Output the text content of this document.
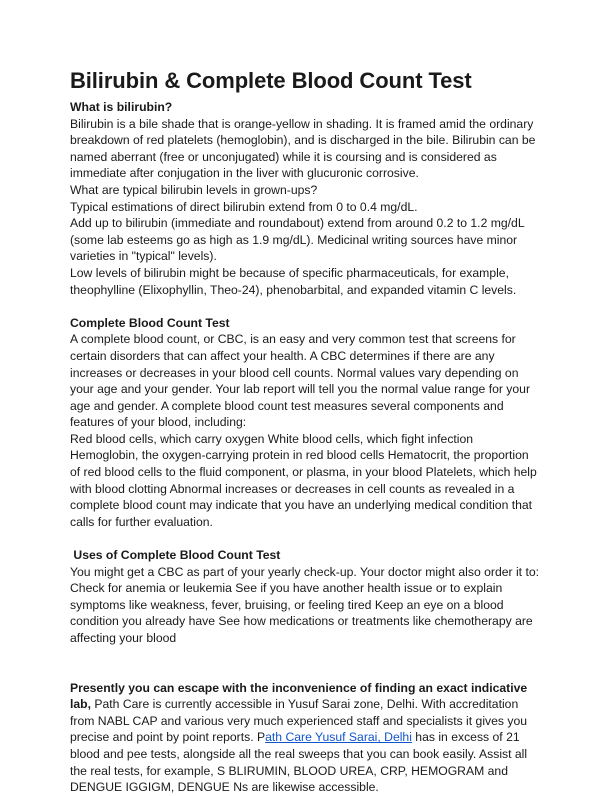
Bilirubin & Complete Blood Count Test

What is bilirubin?

Bilirubin is a bile shade that is orange-yellow in shading. It is framed amid the ordinary breakdown of red platelets (hemoglobin), and is discharged in the bile. Bilirubin can be named aberrant (free or unconjugated) while it is coursing and is considered as immediate after conjugation in the liver with glucuronic corrosive.

What are typical bilirubin levels in grown-ups?

Typical estimations of direct bilirubin extend from 0 to 0.4 mg/dL.

Add up to bilirubin (immediate and roundabout) extend from around 0.2 to 1.2 mg/dL (some lab esteems go as high as 1.9 mg/dL). Medicinal writing sources have minor varieties in "typical" levels).

Low levels of bilirubin might be because of specific pharmaceuticals, for example, theophylline (Elixophyllin, Theo-24), phenobarbital, and expanded vitamin C levels.

Complete Blood Count Test

A complete blood count, or CBC, is an easy and very common test that screens for certain disorders that can affect your health. A CBC determines if there are any increases or decreases in your blood cell counts. Normal values vary depending on your age and your gender. Your lab report will tell you the normal value range for your age and gender. A complete blood count test measures several components and features of your blood, including:

Red blood cells, which carry oxygen White blood cells, which fight infection Hemoglobin, the oxygen-carrying protein in red blood cells Hematocrit, the proportion of red blood cells to the fluid component, or plasma, in your blood Platelets, which help with blood clotting Abnormal increases or decreases in cell counts as revealed in a complete blood count may indicate that you have an underlying medical condition that calls for further evaluation.

Uses of Complete Blood Count Test

You might get a CBC as part of your yearly check-up. Your doctor might also order it to: Check for anemia or leukemia See if you have another health issue or to explain symptoms like weakness, fever, bruising, or feeling tired Keep an eye on a blood condition you already have See how medications or treatments like chemotherapy are affecting your blood

Presently you can escape with the inconvenience of finding an exact indicative lab, Path Care is currently accessible in Yusuf Sarai zone, Delhi. With accreditation from NABL CAP and various very much experienced staff and specialists it gives you precise and point by point reports. Path Care Yusuf Sarai, Delhi has in excess of 21 blood and pee tests, alongside all the real sweeps that you can book easily. Assist all the real tests, for example, S BLIRUMIN, BLOOD UREA, CRP, HEMOGRAM and DENGUE IGGIGM, DENGUE Ns are likewise accessible.
